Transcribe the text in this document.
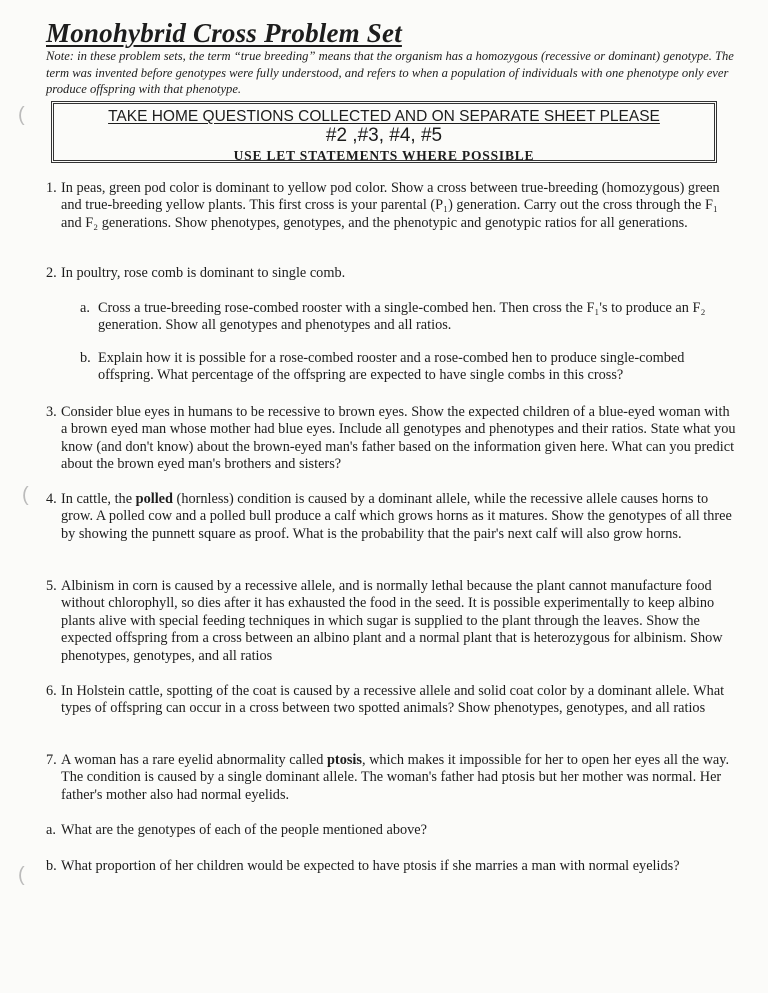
Monohybrid Cross Problem Set

Note: in these problem sets, the term “true breeding” means that the organism has a homozygous (recessive or dominant) genotype. The term was invented before genotypes were fully understood, and refers to when a population of individuals with one phenotype only ever produce offspring with that phenotype.

(
(
(
TAKE HOME QUESTIONS COLLECTED AND ON SEPARATE SHEET PLEASE
#2 ,#3, #4, #5
USE LET STATEMENTS WHERE POSSIBLE
1. In peas, green pod color is dominant to yellow pod color. Show a cross between true-breeding (homozygous) green and true-breeding yellow plants. This first cross is your parental (P₁) generation. Carry out the cross through the F₁ and F₂ generations. Show phenotypes, genotypes, and the phenotypic and genotypic ratios for all generations.
2. In poultry, rose comb is dominant to single comb.
a. Cross a true-breeding rose-combed rooster with a single-combed hen. Then cross the F₁'s to produce an F₂ generation. Show all genotypes and phenotypes and all ratios.
b. Explain how it is possible for a rose-combed rooster and a rose-combed hen to produce single-combed offspring. What percentage of the offspring are expected to have single combs in this cross?
3. Consider blue eyes in humans to be recessive to brown eyes. Show the expected children of a blue-eyed woman with a brown eyed man whose mother had blue eyes. Include all genotypes and phenotypes and their ratios. State what you know (and don't know) about the brown-eyed man's father based on the information given here. What can you predict about the brown eyed man's brothers and sisters?
4. In cattle, the polled (hornless) condition is caused by a dominant allele, while the recessive allele causes horns to grow. A polled cow and a polled bull produce a calf which grows horns as it matures. Show the genotypes of all three by showing the punnett square as proof. What is the probability that the pair's next calf will also grow horns.
5. Albinism in corn is caused by a recessive allele, and is normally lethal because the plant cannot manufacture food without chlorophyll, so dies after it has exhausted the food in the seed. It is possible experimentally to keep albino plants alive with special feeding techniques in which sugar is supplied to the plant through the leaves. Show the expected offspring from a cross between an albino plant and a normal plant that is heterozygous for albinism. Show phenotypes, genotypes, and all ratios
6. In Holstein cattle, spotting of the coat is caused by a recessive allele and solid coat color by a dominant allele. What types of offspring can occur in a cross between two spotted animals? Show phenotypes, genotypes, and all ratios
7. A woman has a rare eyelid abnormality called ptosis, which makes it impossible for her to open her eyes all the way. The condition is caused by a single dominant allele. The woman's father had ptosis but her mother was normal. Her father's mother also had normal eyelids.
a. What are the genotypes of each of the people mentioned above?
b. What proportion of her children would be expected to have ptosis if she marries a man with normal eyelids?
